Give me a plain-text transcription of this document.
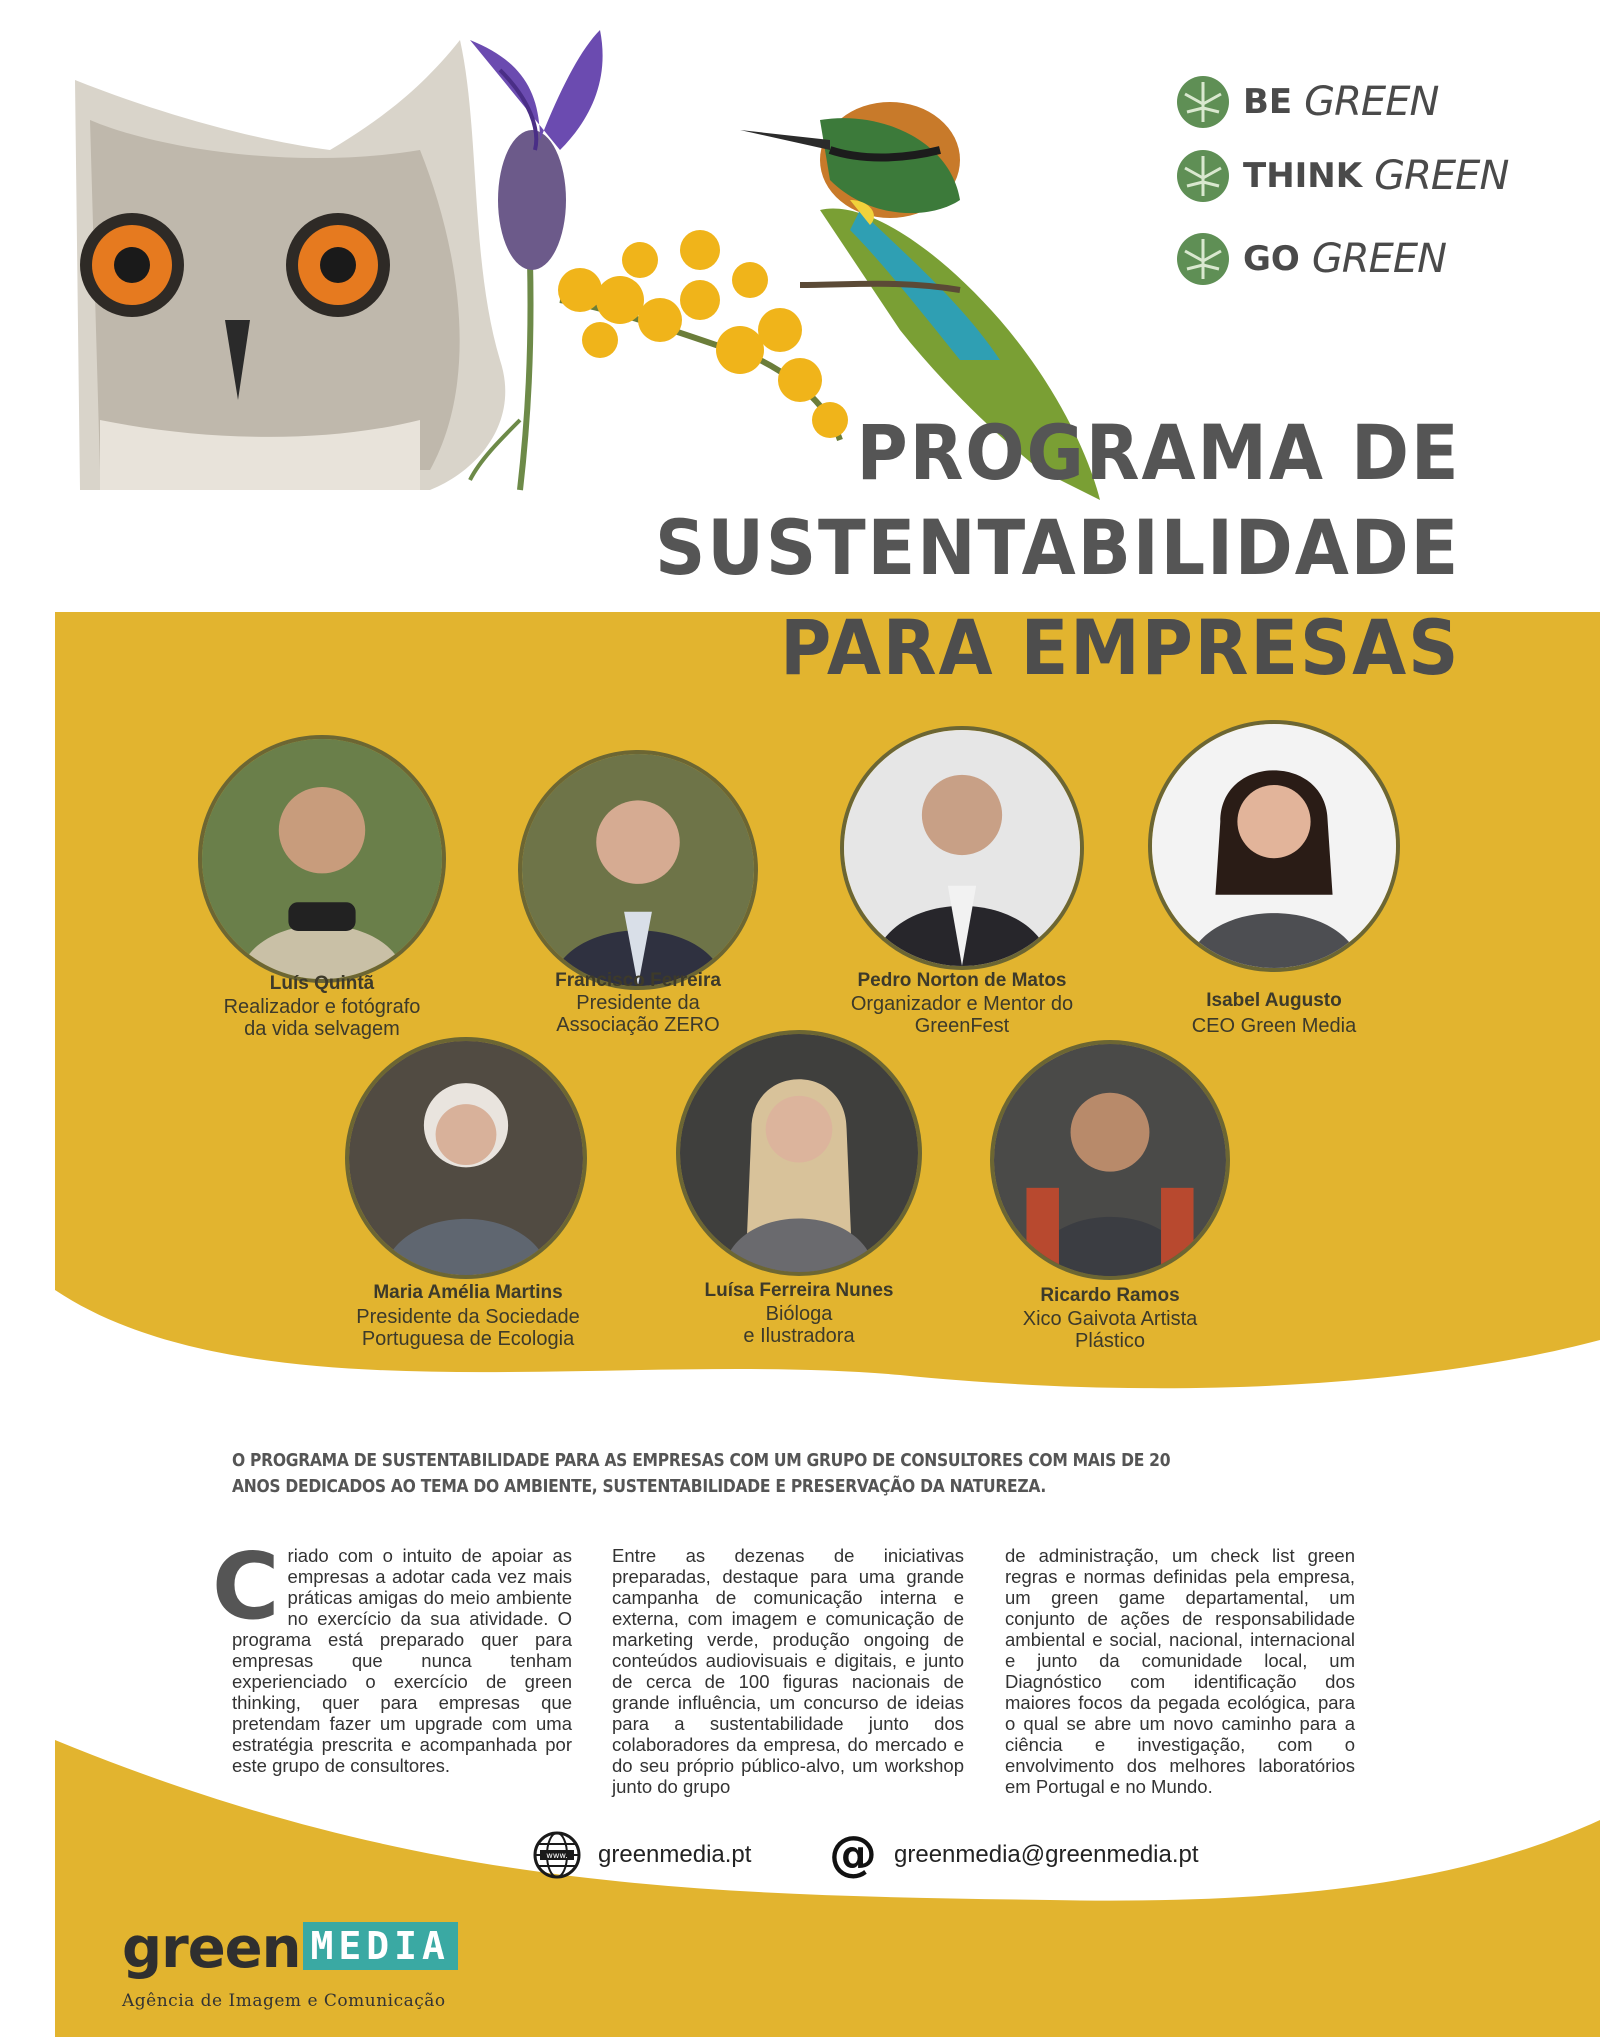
BE GREEN
THINK GREEN
GO GREEN
PROGRAMA DE
SUSTENTABILIDADE
PARA EMPRESAS
Luís Quintã
Realizador e fotógrafo
da vida selvagem
Francisco Ferreira
Presidente da
Associação ZERO
Pedro Norton de Matos
Organizador e Mentor do
GreenFest
Isabel Augusto
CEO Green Media
Maria Amélia Martins
Presidente da Sociedade
Portuguesa de Ecologia
Luísa Ferreira Nunes
Bióloga
e Ilustradora
Ricardo Ramos
Xico Gaivota Artista
Plástico
O PROGRAMA DE SUSTENTABILIDADE PARA AS EMPRESAS COM UM GRUPO DE CONSULTORES COM MAIS DE 20 ANOS DEDICADOS AO TEMA DO AMBIENTE, SUSTENTABILIDADE E PRESERVAÇÃO DA NATUREZA.
C riado com o intuito de apoiar as empresas a adotar cada vez mais práticas amigas do meio ambiente no exercício da sua atividade. O programa está preparado quer para empresas que nunca tenham experienciado o exercício de green thinking, quer para empresas que pretendam fazer um upgrade com uma estratégia prescrita e acompanhada por este grupo de consultores.
Entre as dezenas de iniciativas preparadas, destaque para uma grande campanha de comunicação interna e externa, com imagem e comunicação de marketing verde, produção ongoing de conteúdos audiovisuais e digitais, e junto de cerca de 100 figuras nacionais de grande influência, um concurso de ideias para a sustentabilidade junto dos colaboradores da empresa, do mercado e do seu próprio público-alvo, um workshop junto do grupo
de administração, um check list green regras e normas definidas pela empresa, um green game departamental, um conjunto de ações de responsabilidade ambiental e social, nacional, internacional e junto da comunidade local, um Diagnóstico com identificação dos maiores focos da pegada ecológica, para o qual se abre um novo caminho para a ciência e investigação, com o envolvimento dos melhores laboratórios em Portugal e no Mundo.
www. greenmedia.pt @ greenmedia@greenmedia.pt
green MEDIA
Agência de Imagem e Comunicação
